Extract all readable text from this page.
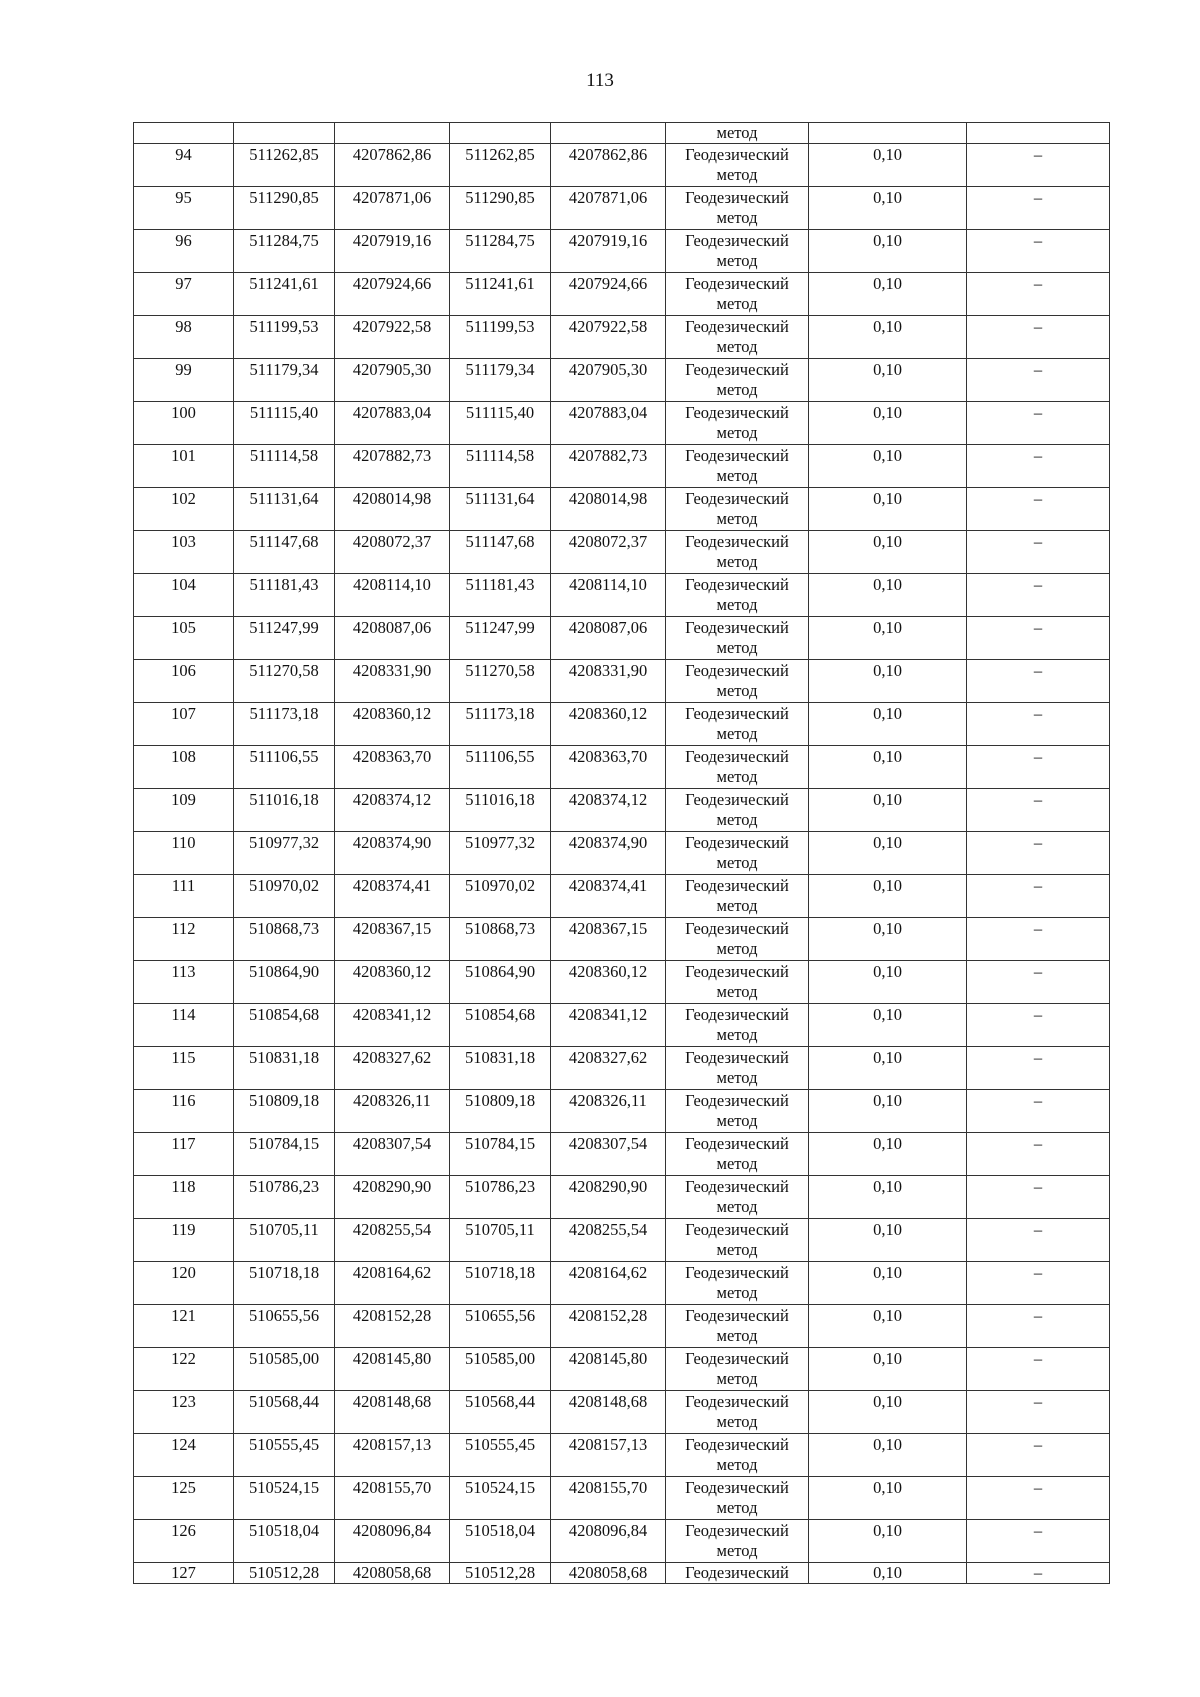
113
					метод		

94	511262,85	4207862,86	511262,85	4207862,86	Геодезический
метод	0,10	–

95	511290,85	4207871,06	511290,85	4207871,06	Геодезический
метод	0,10	–

96	511284,75	4207919,16	511284,75	4207919,16	Геодезический
метод	0,10	–

97	511241,61	4207924,66	511241,61	4207924,66	Геодезический
метод	0,10	–

98	511199,53	4207922,58	511199,53	4207922,58	Геодезический
метод	0,10	–

99	511179,34	4207905,30	511179,34	4207905,30	Геодезический
метод	0,10	–

100	511115,40	4207883,04	511115,40	4207883,04	Геодезический
метод	0,10	–

101	511114,58	4207882,73	511114,58	4207882,73	Геодезический
метод	0,10	–

102	511131,64	4208014,98	511131,64	4208014,98	Геодезический
метод	0,10	–

103	511147,68	4208072,37	511147,68	4208072,37	Геодезический
метод	0,10	–

104	511181,43	4208114,10	511181,43	4208114,10	Геодезический
метод	0,10	–

105	511247,99	4208087,06	511247,99	4208087,06	Геодезический
метод	0,10	–

106	511270,58	4208331,90	511270,58	4208331,90	Геодезический
метод	0,10	–

107	511173,18	4208360,12	511173,18	4208360,12	Геодезический
метод	0,10	–

108	511106,55	4208363,70	511106,55	4208363,70	Геодезический
метод	0,10	–

109	511016,18	4208374,12	511016,18	4208374,12	Геодезический
метод	0,10	–

110	510977,32	4208374,90	510977,32	4208374,90	Геодезический
метод	0,10	–

111	510970,02	4208374,41	510970,02	4208374,41	Геодезический
метод	0,10	–

112	510868,73	4208367,15	510868,73	4208367,15	Геодезический
метод	0,10	–

113	510864,90	4208360,12	510864,90	4208360,12	Геодезический
метод	0,10	–

114	510854,68	4208341,12	510854,68	4208341,12	Геодезический
метод	0,10	–

115	510831,18	4208327,62	510831,18	4208327,62	Геодезический
метод	0,10	–

116	510809,18	4208326,11	510809,18	4208326,11	Геодезический
метод	0,10	–

117	510784,15	4208307,54	510784,15	4208307,54	Геодезический
метод	0,10	–

118	510786,23	4208290,90	510786,23	4208290,90	Геодезический
метод	0,10	–

119	510705,11	4208255,54	510705,11	4208255,54	Геодезический
метод	0,10	–

120	510718,18	4208164,62	510718,18	4208164,62	Геодезический
метод	0,10	–

121	510655,56	4208152,28	510655,56	4208152,28	Геодезический
метод	0,10	–

122	510585,00	4208145,80	510585,00	4208145,80	Геодезический
метод	0,10	–

123	510568,44	4208148,68	510568,44	4208148,68	Геодезический
метод	0,10	–

124	510555,45	4208157,13	510555,45	4208157,13	Геодезический
метод	0,10	–

125	510524,15	4208155,70	510524,15	4208155,70	Геодезический
метод	0,10	–

126	510518,04	4208096,84	510518,04	4208096,84	Геодезический
метод	0,10	–

127	510512,28	4208058,68	510512,28	4208058,68	Геодезический	0,10	–
